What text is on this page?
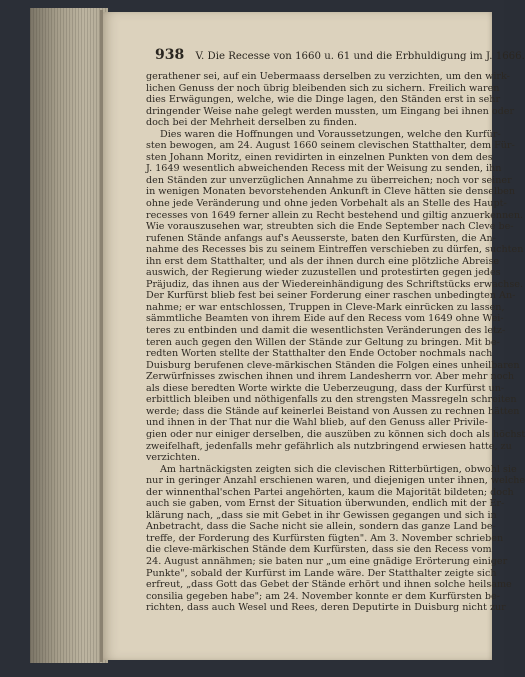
938 V. Die Recesse von 1660 u. 61 und die Erbhuldigung im J. 1666.
gerathener sei, auf ein Uebermaass derselben zu verzichten, um den wirk-
lichen Genuss der noch übrig bleibenden sich zu sichern. Freilich waren
dies Erwägungen, welche, wie die Dinge lagen, den Ständen erst in sehr
dringender Weise nahe gelegt werden mussten, um Eingang bei ihnen oder
doch bei der Mehrheit derselben zu finden.
Dies waren die Hoffnungen und Voraussetzungen, welche den Kurfür-
sten bewogen, am 24. August 1660 seinem clevischen Statthalter, dem Für-
sten Johann Moritz, einen revidirten in einzelnen Punkten von dem des
J. 1649 wesentlich abweichenden Recess mit der Weisung zu senden, ihn
den Ständen zur unverzüglichen Annahme zu überreichen; noch vor seiner
in wenigen Monaten bevorstehenden Ankunft in Cleve hätten sie denselben
ohne jede Veränderung und ohne jeden Vorbehalt als an Stelle des Haupt-
recesses von 1649 ferner allein zu Recht bestehend und giltig anzuerkennen.
Wie vorauszusehen war, streubten sich die Ende September nach Cleve be-
rufenen Stände anfangs auf's Aeusserste, baten den Kurfürsten, die An-
nahme des Recesses bis zu seinem Eintreffen verschieben zu dürfen, suchten
ihn erst dem Statthalter, und als der ihnen durch eine plötzliche Abreise
auswich, der Regierung wieder zuzustellen und protestirten gegen jedes
Präjudiz, das ihnen aus der Wiedereinhändigung des Schriftstücks erwachse.
Der Kurfürst blieb fest bei seiner Forderung einer raschen unbedingten An-
nahme; er war entschlossen, Truppen in Cleve-Mark einrücken zu lassen,
sämmtliche Beamten von ihrem Eide auf den Recess vom 1649 ohne Wei-
teres zu entbinden und damit die wesentlichsten Veränderungen des letz-
teren auch gegen den Willen der Stände zur Geltung zu bringen. Mit be-
redten Worten stellte der Statthalter den Ende October nochmals nach
Duisburg berufenen cleve-märkischen Ständen die Folgen eines unheilbaren
Zerwürfnisses zwischen ihnen und ihrem Landesherrn vor. Aber mehr noch
als diese beredten Worte wirkte die Ueberzeugung, dass der Kurfürst un-
erbittlich bleiben und nöthigenfalls zu den strengsten Massregeln schreiten
werde; dass die Stände auf keinerlei Beistand von Aussen zu rechnen hätten
und ihnen in der That nur die Wahl blieb, auf den Genuss aller Privile-
gien oder nur einiger derselben, die auszüben zu können sich doch als höchst
zweifelhaft, jedenfalls mehr gefährlich als nutzbringend erwiesen hatte, zu
verzichten.
Am hartnäckigsten zeigten sich die clevischen Ritterbürtigen, obwohl sie
nur in geringer Anzahl erschienen waren, und diejenigen unter ihnen, welche
der winnenthal'schen Partei angehörten, kaum die Majorität bildeten; doch
auch sie gaben, vom Ernst der Situation überwunden, endlich mit der Er-
klärung nach, „dass sie mit Gebet in ihr Gewissen gegangen und sich in
Anbetracht, dass die Sache nicht sie allein, sondern das ganze Land be-
treffe, der Forderung des Kurfürsten fügten". Am 3. November schrieben
die cleve-märkischen Stände dem Kurfürsten, dass sie den Recess vom
24. August annähmen; sie baten nur „um eine gnädige Erörterung einiger
Punkte", sobald der Kurfürst im Lande wäre. Der Statthalter zeigte sich
erfreut, „dass Gott das Gebet der Stände erhört und ihnen solche heilsame
consilia gegeben habe"; am 24. November konnte er dem Kurfürsten be-
richten, dass auch Wesel und Rees, deren Deputirte in Duisburg nicht zur
